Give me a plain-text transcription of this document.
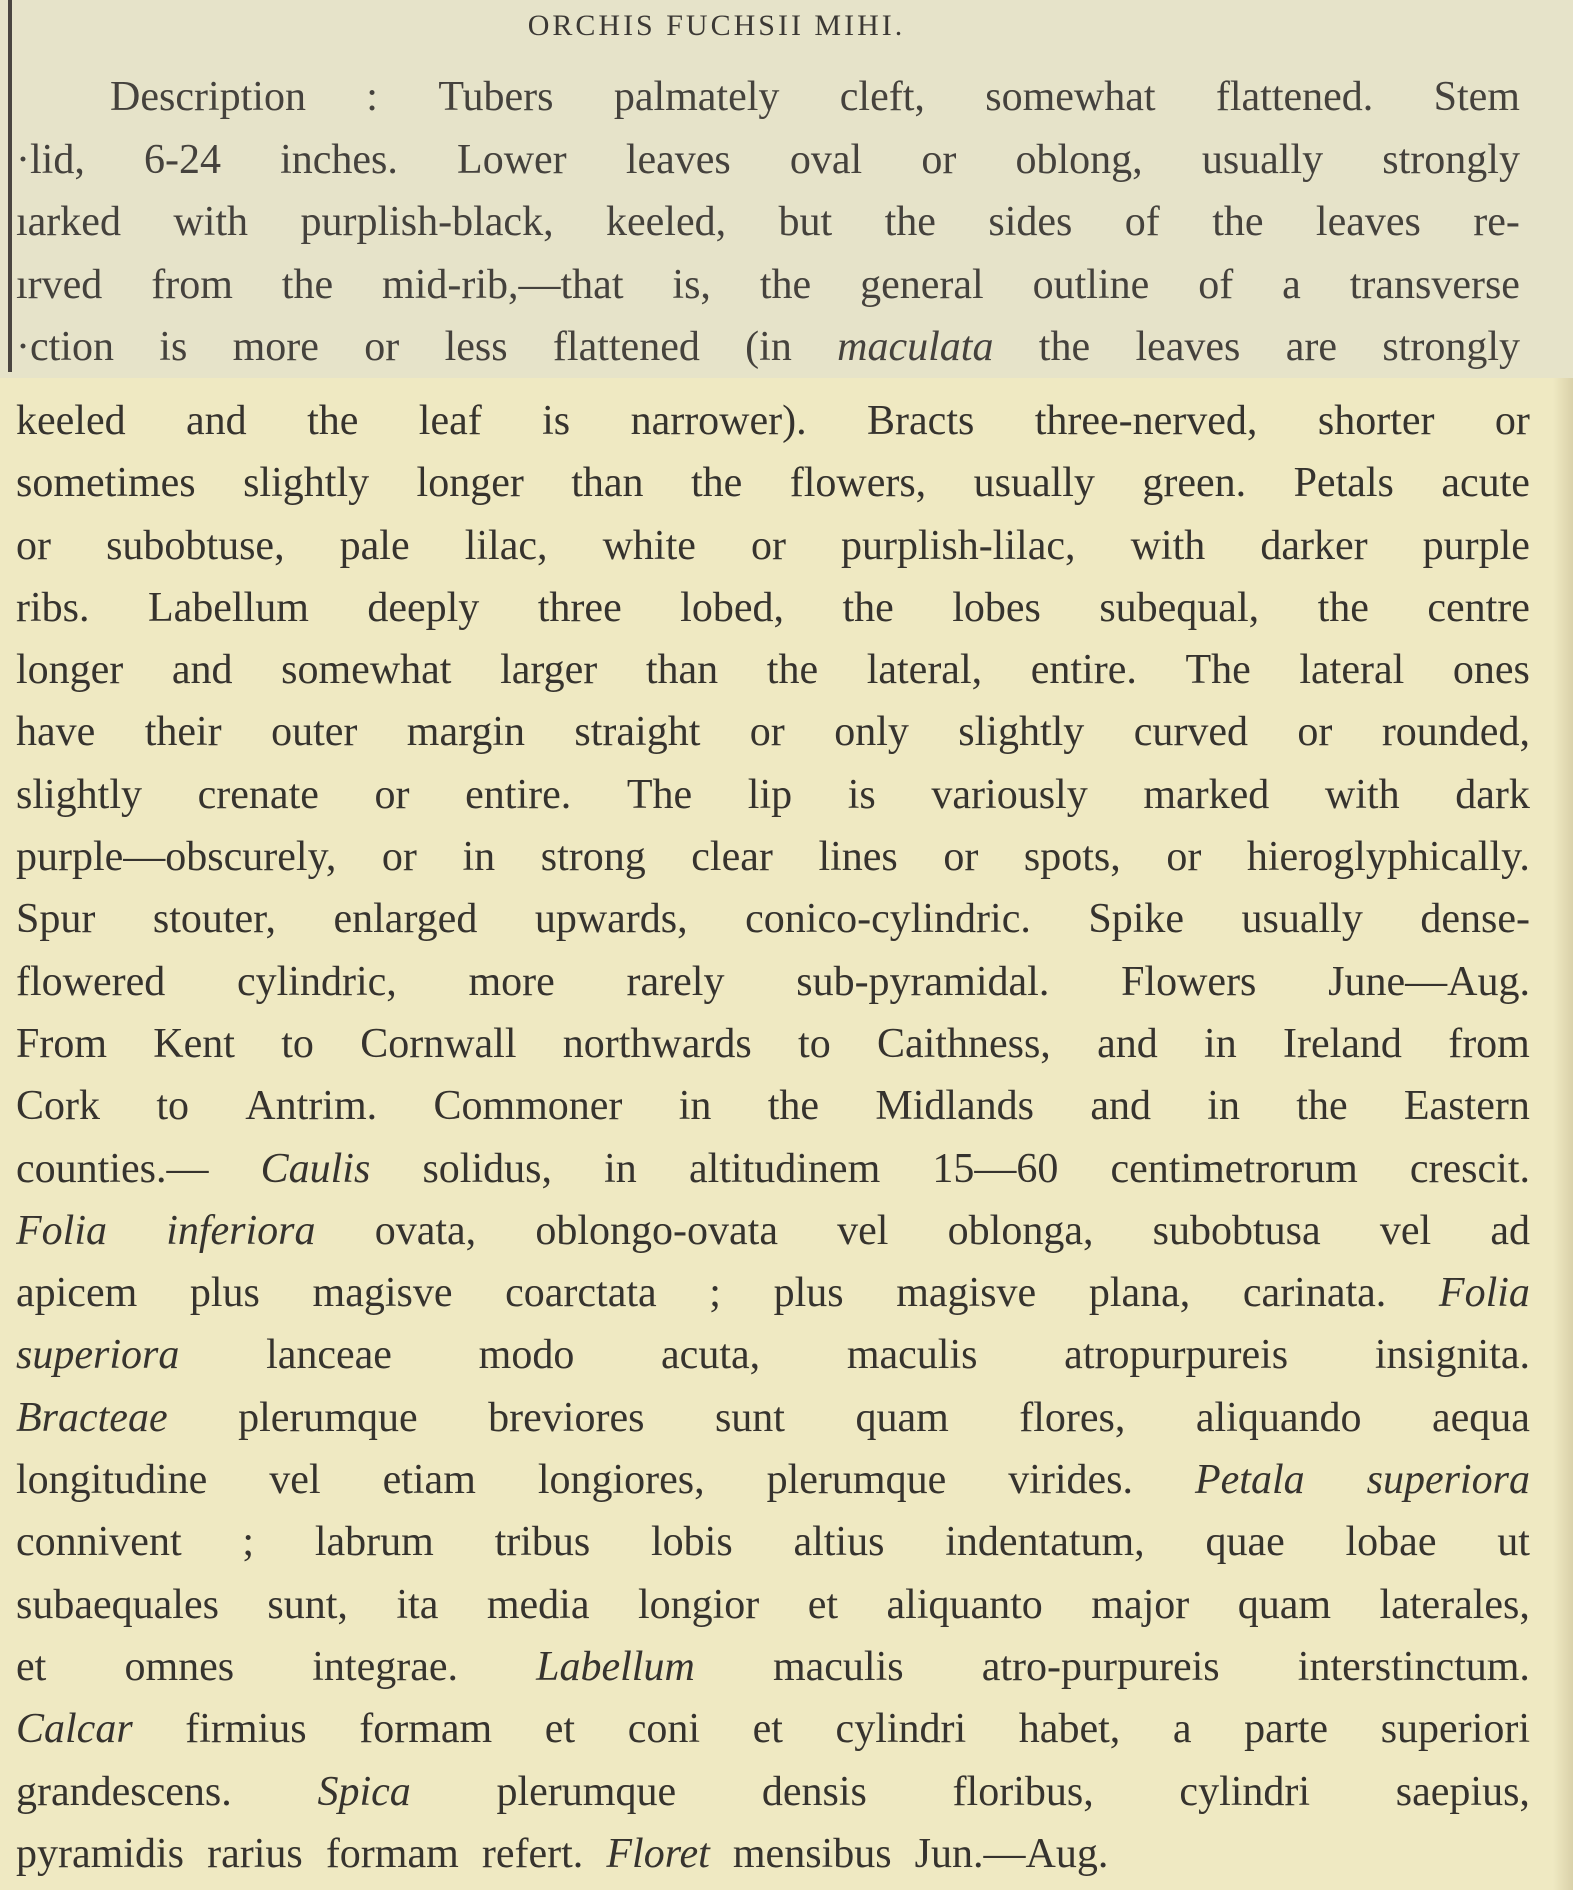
ORCHIS FUCHSII MIHI.
Description : Tubers palmately cleft, somewhat flattened. Stem
·lid, 6-24 inches. Lower leaves oval or oblong, usually strongly
ıarked with purplish-black, keeled, but the sides of the leaves re-
ırved from the mid-rib,—that is, the general outline of a transverse
·ction is more or less flattened (in maculata the leaves are strongly
keeled and the leaf is narrower). Bracts three-nerved, shorter or
sometimes slightly longer than the flowers, usually green. Petals acute
or subobtuse, pale lilac, white or purplish-lilac, with darker purple
ribs. Labellum deeply three lobed, the lobes subequal, the centre
longer and somewhat larger than the lateral, entire. The lateral ones
have their outer margin straight or only slightly curved or rounded,
slightly crenate or entire. The lip is variously marked with dark
purple—obscurely, or in strong clear lines or spots, or hieroglyphically.
Spur stouter, enlarged upwards, conico-cylindric. Spike usually dense-
flowered cylindric, more rarely sub-pyramidal. Flowers June—Aug.
From Kent to Cornwall northwards to Caithness, and in Ireland from
Cork to Antrim. Commoner in the Midlands and in the Eastern
counties.— Caulis solidus, in altitudinem 15—60 centimetrorum crescit.
Folia inferiora ovata, oblongo-ovata vel oblonga, subobtusa vel ad
apicem plus magisve coarctata ; plus magisve plana, carinata. Folia
superiora lanceae modo acuta, maculis atropurpureis insignita.
Bracteae plerumque breviores sunt quam flores, aliquando aequa
longitudine vel etiam longiores, plerumque virides. Petala superiora
connivent ; labrum tribus lobis altius indentatum, quae lobae ut
subaequales sunt, ita media longior et aliquanto major quam laterales,
et omnes integrae. Labellum maculis atro-purpureis interstinctum.
Calcar firmius formam et coni et cylindri habet, a parte superiori
grandescens. Spica plerumque densis floribus, cylindri saepius,
pyramidis rarius formam refert. Floret mensibus Jun.—Aug.
